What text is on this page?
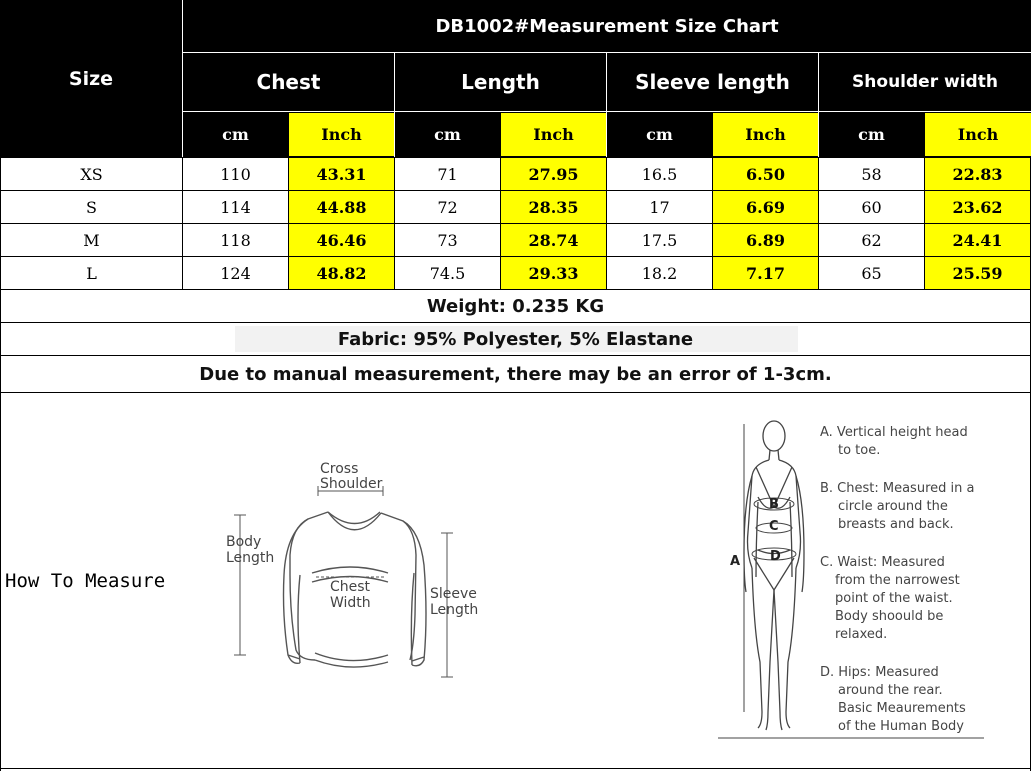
DB1002#Measurement Size Chart
Size	Chest	Length	Sleeve length	Shoulder width
cm	Inch	cm	Inch	cm	Inch	cm	Inch
XS	110	43.31	71	27.95	16.5	6.50	58	22.83
S	114	44.88	72	28.35	17	6.69	60	23.62
M	118	46.46	73	28.74	17.5	6.89	62	24.41
L	124	48.82	74.5	29.33	18.2	7.17	65	25.59
Weight: 0.235 KG
Fabric: 95% Polyester, 5% Elastane
Due to manual measurement, there may be an error of 1-3cm.
How To Measure
Cross
Shoulder
Body
Length
Chest
Width
Sleeve
Length
B
C
D
A
A. Vertical height head
to toe.
B. Chest: Measured in a
circle around the
breasts and back.
C. Waist: Measured
from the narrowest
point of the waist.
Body shoould be
relaxed.
D. Hips: Measured
around the rear.
Basic Meaurements
of the Human Body
